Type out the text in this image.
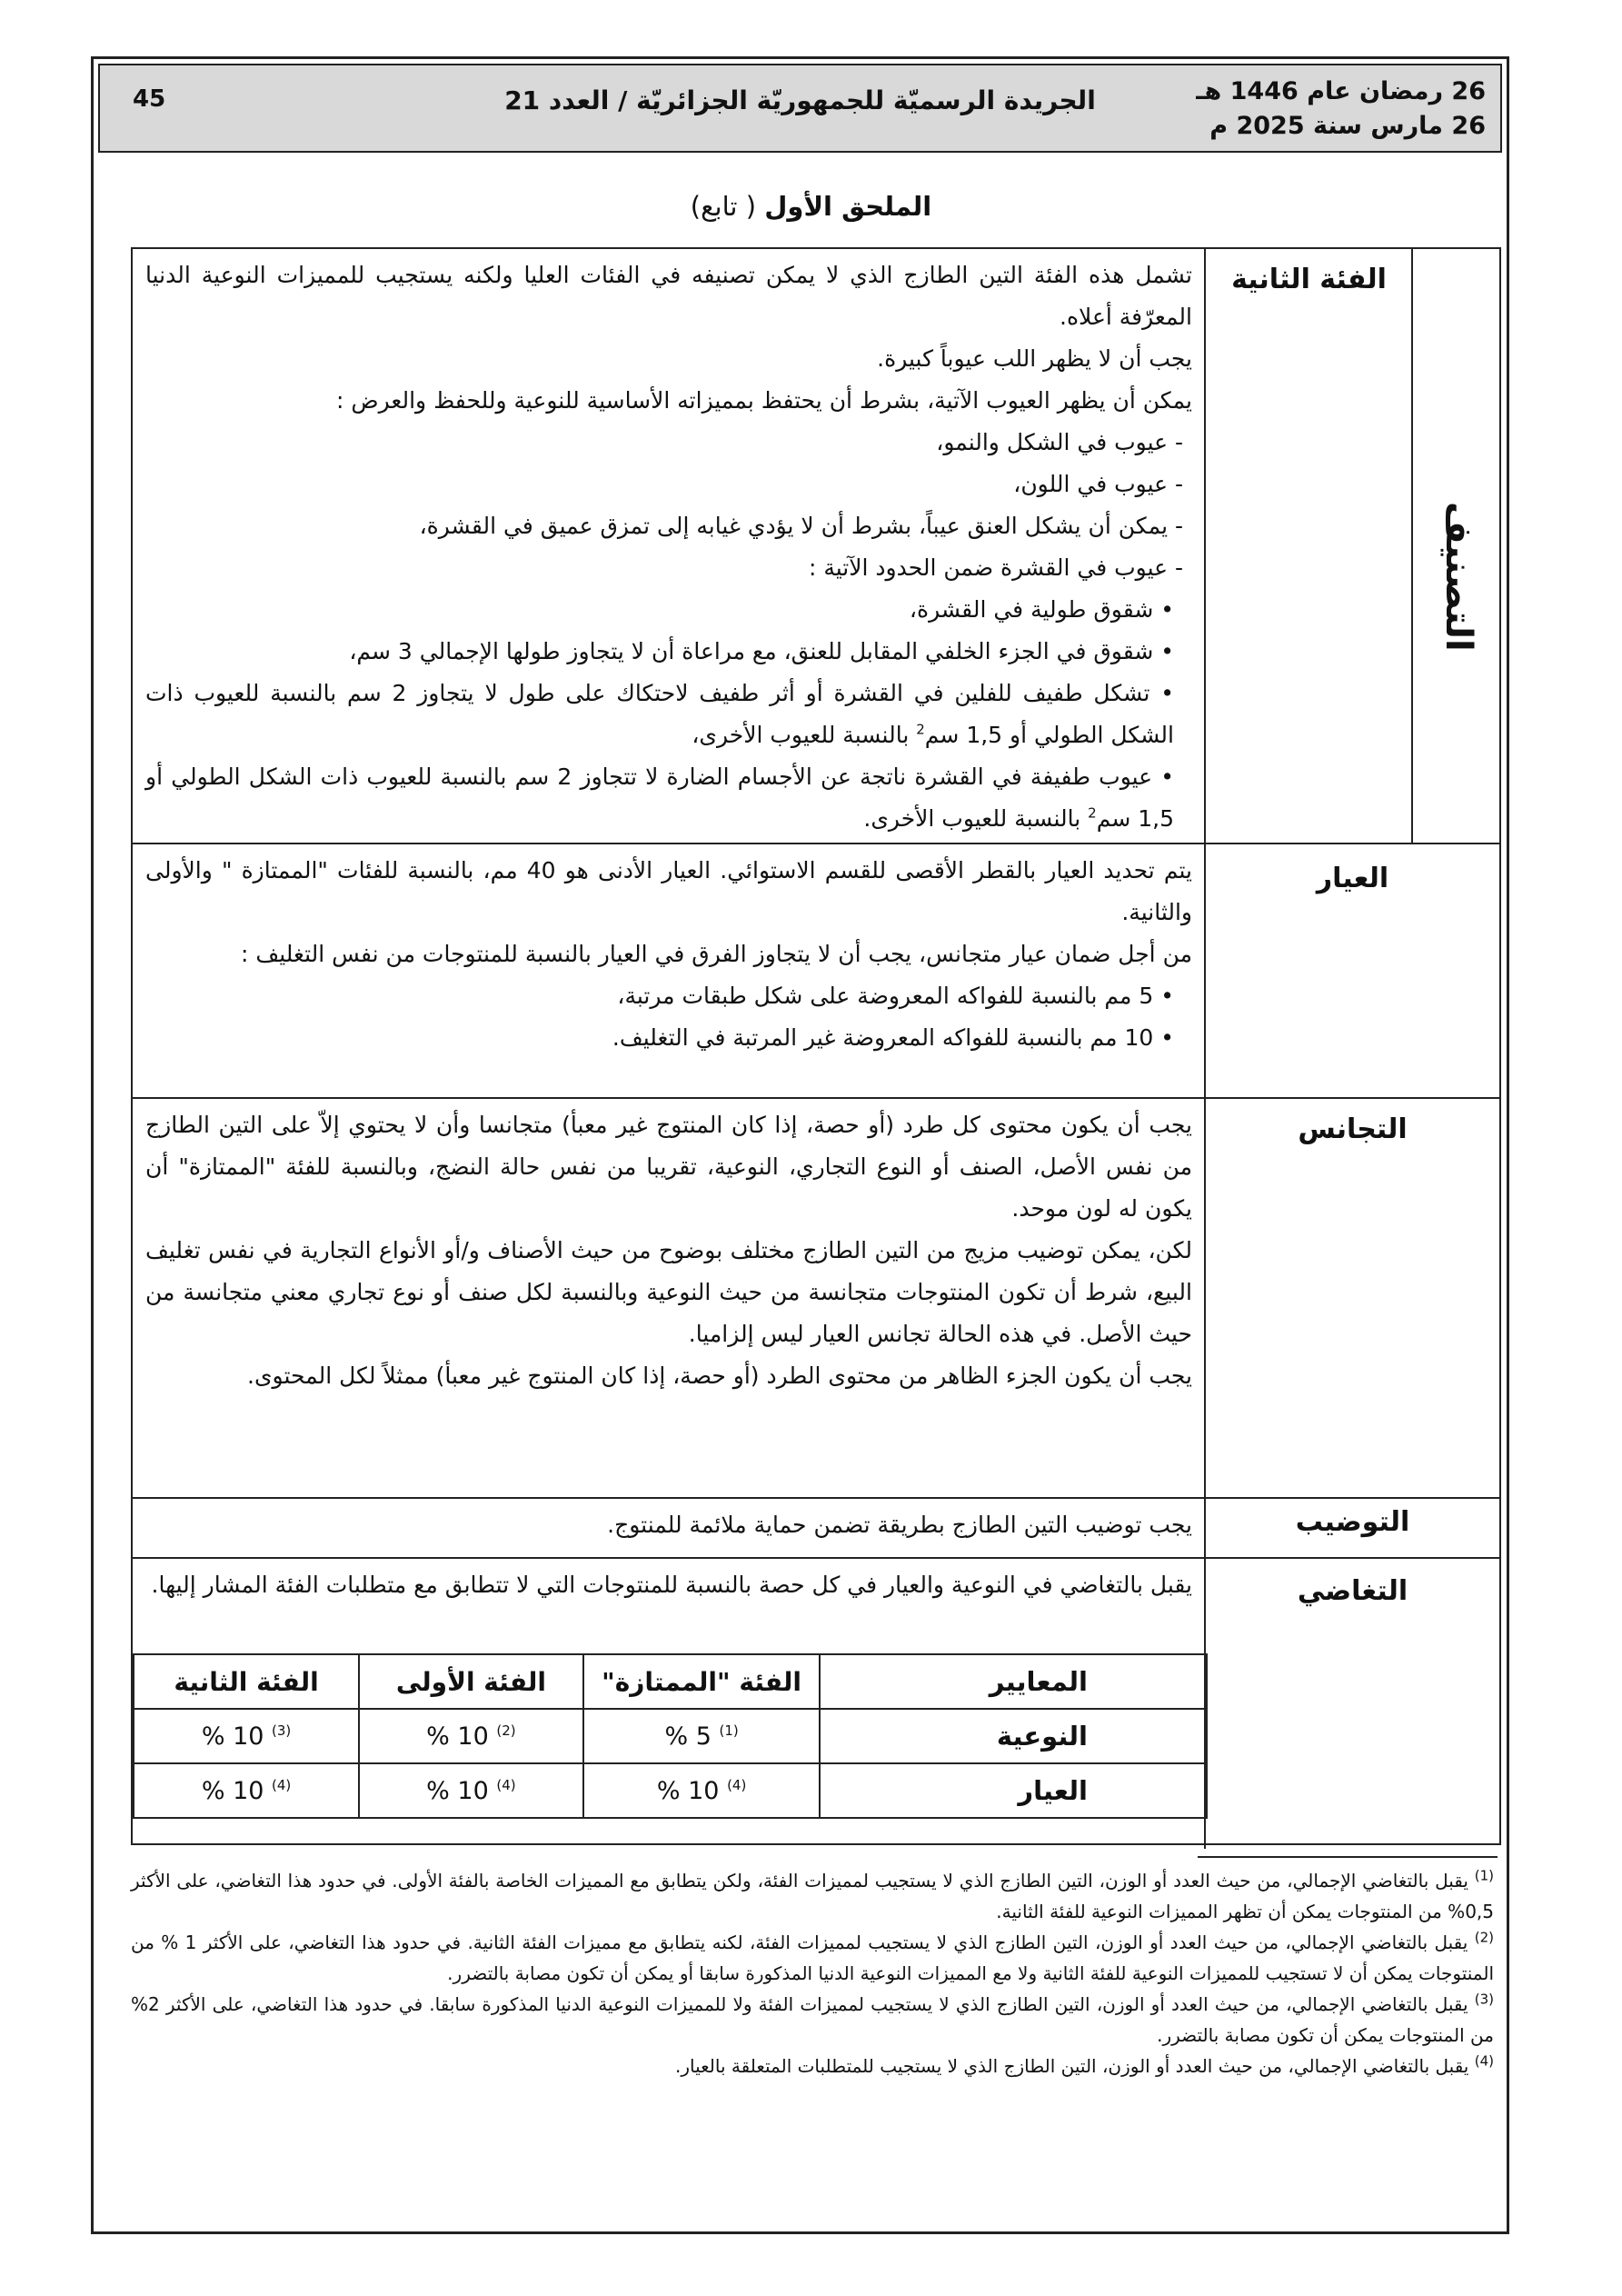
26 رمضان عام 1446 هـ
26 مارس سنة 2025 م
الجريدة الرسميّة للجمهوريّة الجزائريّة / العدد 21
45
الملحق الأول ( تابع)
التصنيف
الفئة الثانية

تشمل هذه الفئة التين الطازج الذي لا يمكن تصنيفه في الفئات العليا ولكنه يستجيب للمميزات النوعية الدنيا المعرّفة أعلاه.

يجب أن لا يظهر اللب عيوباً كبيرة.

يمكن أن يظهر العيوب الآتية، بشرط أن يحتفظ بمميزاته الأساسية للنوعية وللحفظ والعرض :

- عيوب في الشكل والنمو،

- عيوب في اللون،

- يمكن أن يشكل العنق عيباً، بشرط أن لا يؤدي غيابه إلى تمزق عميق في القشرة،

- عيوب في القشرة ضمن الحدود الآتية :

• شقوق طولية في القشرة،

• شقوق في الجزء الخلفي المقابل للعنق، مع مراعاة أن لا يتجاوز طولها الإجمالي 3 سم،

• تشكل طفيف للفلين في القشرة أو أثر طفيف لاحتكاك على طول لا يتجاوز 2 سم بالنسبة للعيوب ذات الشكل الطولي أو 1,5 سم$^2$ بالنسبة للعيوب الأخرى،

• عيوب طفيفة في القشرة ناتجة عن الأجسام الضارة لا تتجاوز 2 سم بالنسبة للعيوب ذات الشكل الطولي أو 1,5 سم$^2$ بالنسبة للعيوب الأخرى.

العيار

يتم تحديد العيار بالقطر الأقصى للقسم الاستوائي. العيار الأدنى هو 40 مم، بالنسبة للفئات "الممتازة " والأولى والثانية.

من أجل ضمان عيار متجانس، يجب أن لا يتجاوز الفرق في العيار بالنسبة للمنتوجات من نفس التغليف :

• 5 مم بالنسبة للفواكه المعروضة على شكل طبقات مرتبة،

• 10 مم بالنسبة للفواكه المعروضة غير المرتبة في التغليف.

التجانس

يجب أن يكون محتوى كل طرد (أو حصة، إذا كان المنتوج غير معبأ) متجانسا وأن لا يحتوي إلاّ على التين الطازج من نفس الأصل، الصنف أو النوع التجاري، النوعية، تقريبا من نفس حالة النضج، وبالنسبة للفئة "الممتازة" أن يكون له لون موحد.

لكن، يمكن توضيب مزيج من التين الطازج مختلف بوضوح من حيث الأصناف و/أو الأنواع التجارية في نفس تغليف البيع، شرط أن تكون المنتوجات متجانسة من حيث النوعية وبالنسبة لكل صنف أو نوع تجاري معني متجانسة من حيث الأصل. في هذه الحالة تجانس العيار ليس إلزاميا.

يجب أن يكون الجزء الظاهر من محتوى الطرد (أو حصة، إذا كان المنتوج غير معبأ) ممثلاً لكل المحتوى.

التوضيب

يجب توضيب التين الطازج بطريقة تضمن حماية ملائمة للمنتوج.

التغاضي

يقبل بالتغاضي في النوعية والعيار في كل حصة بالنسبة للمنتوجات التي لا تتطابق مع متطلبات الفئة المشار إليها.

المعايير	الفئة "الممتازة"	الفئة الأولى	الفئة الثانية
النوعية	$^{(1)}$ 5 %	$^{(2)}$ 10 %	$^{(3)}$ 10 %
العيار	$^{(4)}$ 10 %	$^{(4)}$ 10 %	$^{(4)}$ 10 %

$^{(1)}$ يقبل بالتغاضي الإجمالي، من حيث العدد أو الوزن، التين الطازج الذي لا يستجيب لمميزات الفئة، ولكن يتطابق مع المميزات الخاصة بالفئة الأولى. في حدود هذا التغاضي، على الأكثر 0,5% من المنتوجات يمكن أن تظهر المميزات النوعية للفئة الثانية.

$^{(2)}$ يقبل بالتغاضي الإجمالي، من حيث العدد أو الوزن، التين الطازج الذي لا يستجيب لمميزات الفئة، لكنه يتطابق مع مميزات الفئة الثانية. في حدود هذا التغاضي، على الأكثر 1 % من المنتوجات يمكن أن لا تستجيب للمميزات النوعية للفئة الثانية ولا مع المميزات النوعية الدنيا المذكورة سابقا أو يمكن أن تكون مصابة بالتضرر.

$^{(3)}$ يقبل بالتغاضي الإجمالي، من حيث العدد أو الوزن، التين الطازج الذي لا يستجيب لمميزات الفئة ولا للمميزات النوعية الدنيا المذكورة سابقا. في حدود هذا التغاضي، على الأكثر 2% من المنتوجات يمكن أن تكون مصابة بالتضرر.

$^{(4)}$ يقبل بالتغاضي الإجمالي، من حيث العدد أو الوزن، التين الطازج الذي لا يستجيب للمتطلبات المتعلقة بالعيار.
